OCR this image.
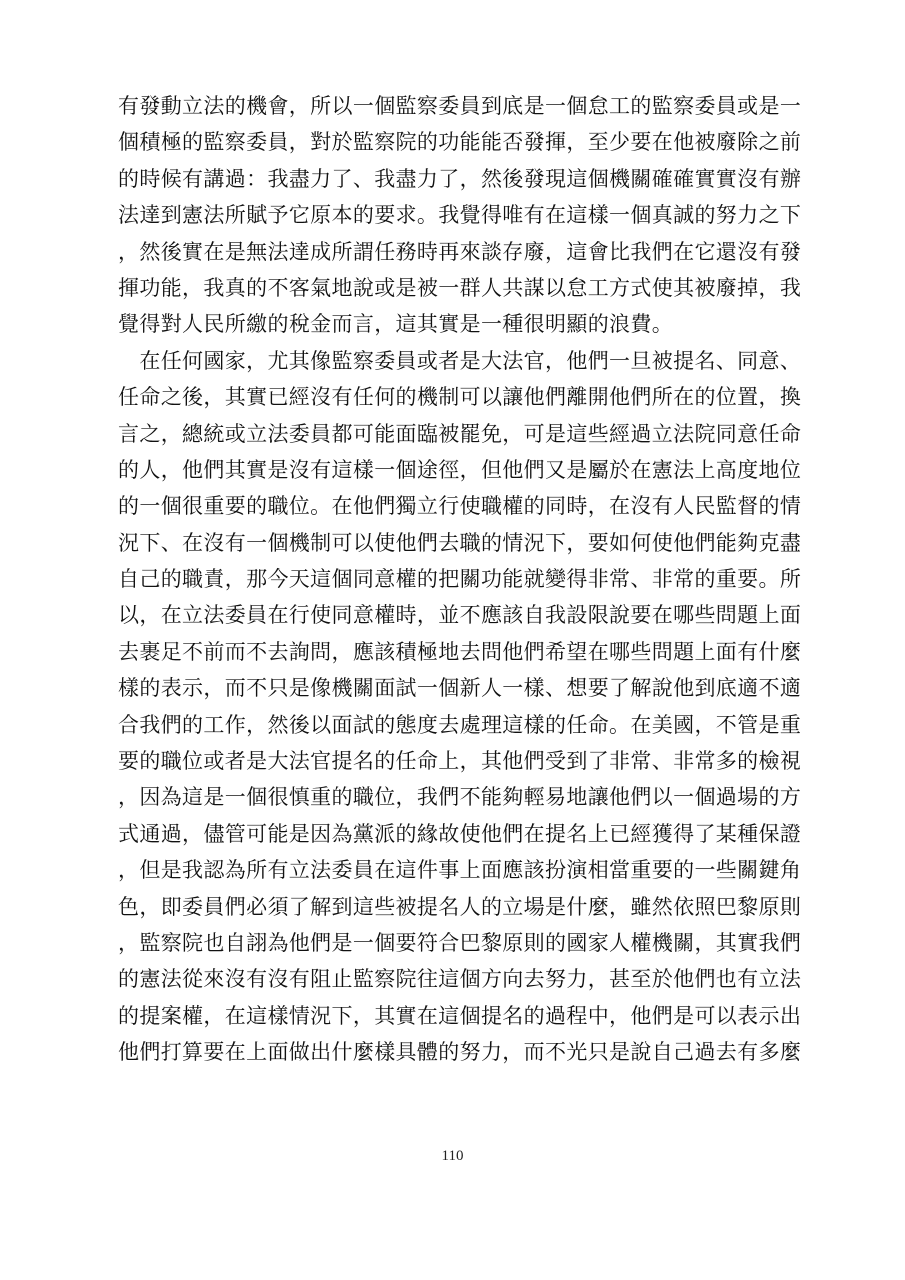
有發動立法的機會，所以一個監察委員到底是一個怠工的監察委員或是一
個積極的監察委員，對於監察院的功能能否發揮，至少要在他被廢除之前
的時候有講過：我盡力了、我盡力了，然後發現這個機關確確實實沒有辦
法達到憲法所賦予它原本的要求。我覺得唯有在這樣一個真誠的努力之下
，然後實在是無法達成所謂任務時再來談存廢，這會比我們在它還沒有發
揮功能，我真的不客氣地說或是被一群人共謀以怠工方式使其被廢掉，我
覺得對人民所繳的稅金而言，這其實是一種很明顯的浪費。
　在任何國家，尤其像監察委員或者是大法官，他們一旦被提名、同意、
任命之後，其實已經沒有任何的機制可以讓他們離開他們所在的位置，換
言之，總統或立法委員都可能面臨被罷免，可是這些經過立法院同意任命
的人，他們其實是沒有這樣一個途徑，但他們又是屬於在憲法上高度地位
的一個很重要的職位。在他們獨立行使職權的同時，在沒有人民監督的情
況下、在沒有一個機制可以使他們去職的情況下，要如何使他們能夠克盡
自己的職責，那今天這個同意權的把關功能就變得非常、非常的重要。所
以，在立法委員在行使同意權時，並不應該自我設限說要在哪些問題上面
去裹足不前而不去詢問，應該積極地去問他們希望在哪些問題上面有什麼
樣的表示，而不只是像機關面試一個新人一樣、想要了解說他到底適不適
合我們的工作，然後以面試的態度去處理這樣的任命。在美國，不管是重
要的職位或者是大法官提名的任命上，其他們受到了非常、非常多的檢視
，因為這是一個很慎重的職位，我們不能夠輕易地讓他們以一個過場的方
式通過，儘管可能是因為黨派的緣故使他們在提名上已經獲得了某種保證
，但是我認為所有立法委員在這件事上面應該扮演相當重要的一些關鍵角
色，即委員們必須了解到這些被提名人的立場是什麼，雖然依照巴黎原則
，監察院也自詡為他們是一個要符合巴黎原則的國家人權機關，其實我們
的憲法從來沒有沒有阻止監察院往這個方向去努力，甚至於他們也有立法
的提案權，在這樣情況下，其實在這個提名的過程中，他們是可以表示出
他們打算要在上面做出什麼樣具體的努力，而不光只是說自己過去有多麼
110
